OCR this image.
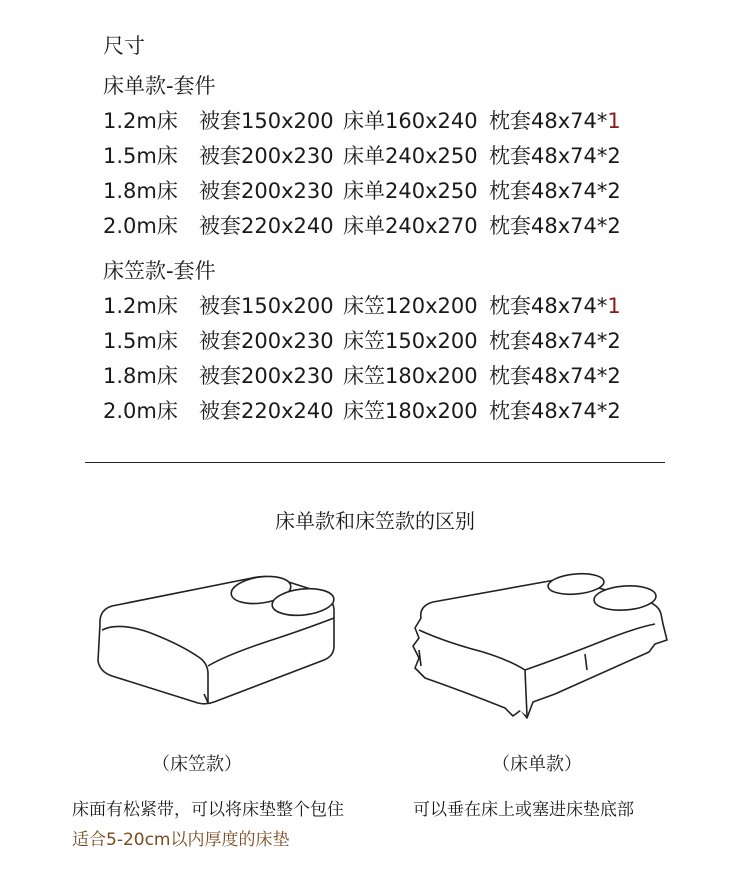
尺寸
床单款-套件
1.2m床 被套150x200 床单160x240 枕套48x74*1
1.5m床 被套200x230 床单240x250 枕套48x74*2
1.8m床 被套200x230 床单240x250 枕套48x74*2
2.0m床 被套220x240 床单240x270 枕套48x74*2
床笠款-套件
1.2m床 被套150x200 床笠120x200 枕套48x74*1
1.5m床 被套200x230 床笠150x200 枕套48x74*2
1.8m床 被套200x230 床笠180x200 枕套48x74*2
2.0m床 被套220x240 床笠180x200 枕套48x74*2
床单款和床笠款的区别
（床笠款）	（床单款）
床面有松紧带，可以将床垫整个包住
适合5-20cm以内厚度的床垫
可以垂在床上或塞进床垫底部
